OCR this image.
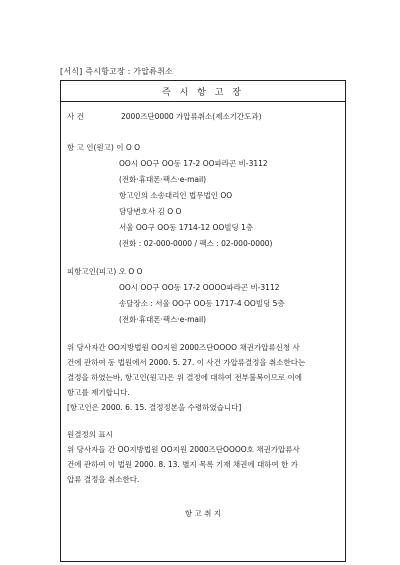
[서식] 즉시항고장 : 가압류취소
즉 시 항 고 장
사 건	2000즈단0000 가압류취소(제소기간도과)
항 고 인(원고) 이 O O
OO시 OO구 OO동 17-2 OO파라곤 비-3112
(전화·휴대폰·팩스·e-mail)
항고인의 소송대리인 법무법인 OO
담당변호사 김 O O
서울 OO구 OO동 1714-12 OO빌딩 1층
(전화 : 02-000-0000 / 팩스 : 02-000-0000)
피항고인(피고) 오 O O
OO시 OO구 OO동 17-2 OOOO파라곤 비-3112
송달장소 : 서울 OO구 OO동 1717-4 OO빌딩 5층
(전화·휴대폰·팩스·e-mail)
위 당사자간 OO지방법원 OO지원 2000즈단OOOO 채권가압류신청 사
건에 관하여 동 법원에서 2000. 5. 27. 이 사건 가압류결정을 취소한다는
결정을 하였는바, 항고인(원고)은 위 결정에 대하여 전부불복이므로 이에
항고를 제기합니다.
[항고인은 2000. 6. 15. 결정정본을 수령하였습니다]
원결정의 표시
위 당사자들 간 OO지방법원 OO지원 2000즈단OOOO호 채권가압류사
건에 관하여 이 법원 2000. 8. 13. 별지 목록 기재 채권에 대하여 한 가
압류 결정을 취소한다.
항 고 취 지
